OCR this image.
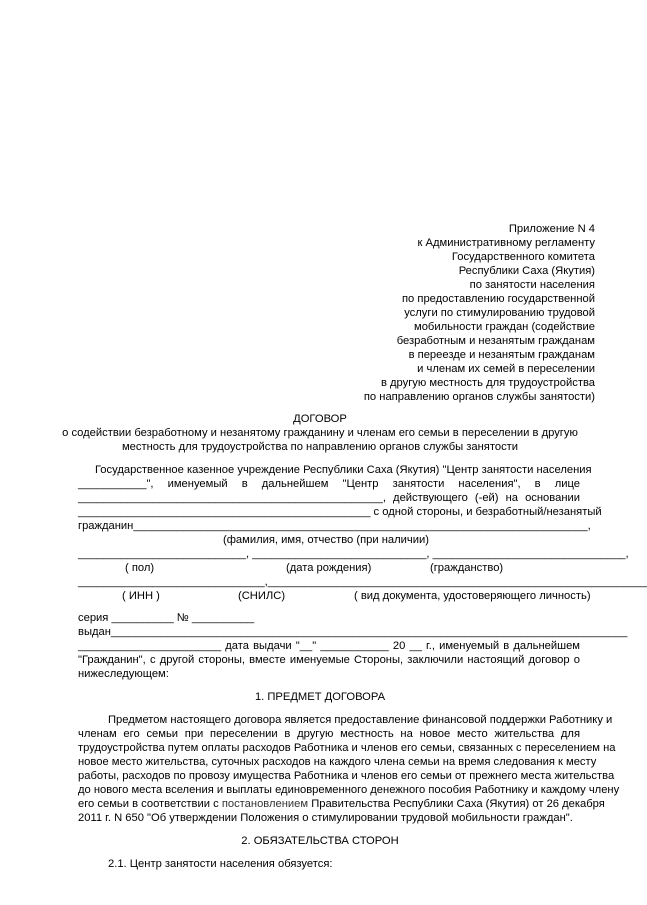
Приложение N 4
к Административному регламенту
Государственного комитета
Республики Саха (Якутия)
по занятости населения
по предоставлению государственной
услуги по стимулированию трудовой
мобильности граждан (содействие
безработным и незанятым гражданам
в переезде и незанятым гражданам
и членам их семей в переселении
в другую местность для трудоустройства
по направлению органов службы занятости)
ДОГОВОР
о содействии безработному и незанятому гражданину и членам его семьи в переселении в другую
местность для трудоустройства по направлению органов службы занятости
Государственное казенное учреждение Республики Саха (Якутия) "Центр занятости населения
___________", именуемый в дальнейшем "Центр занятости населения", в лице
_________________________________________________, действующего (-ей) на основании
_______________________________________________ с одной стороны, и безработный/незанятый
гражданин_________________________________________________________________________,
(фамилия, имя, отчество (при наличии)
___________________________, ____________________________, _______________________________,
( пол)	(дата рождения)	(гражданство)
______________________________,_____________________________________________________________
( ИНН )	(СНИЛС)	( вид документа, удостоверяющего личность)
серия __________ № __________
выдан___________________________________________________________________________________
_______________________ дата выдачи "__" ___________ 20 __ г., именуемый в дальнейшем
"Гражданин", с другой стороны, вместе именуемые Стороны, заключили настоящий договор о
нижеследующем:
1. ПРЕДМЕТ ДОГОВОРА
Предметом настоящего договора является предоставление финансовой поддержки Работнику и
членам его семьи при переселении в другую местность на новое место жительства для
трудоустройства путем оплаты расходов Работника и членов его семьи, связанных с переселением на
новое место жительства, суточных расходов на каждого члена семьи на время следования к месту
работы, расходов по провозу имущества Работника и членов его семьи от прежнего места жительства
до нового места вселения и выплаты единовременного денежного пособия Работнику и каждому члену
его семьи в соответствии с постановлением Правительства Республики Саха (Якутия) от 26 декабря
2011 г. N 650 "Об утверждении Положения о стимулировании трудовой мобильности граждан".
2. ОБЯЗАТЕЛЬСТВА СТОРОН
2.1. Центр занятости населения обязуется:
